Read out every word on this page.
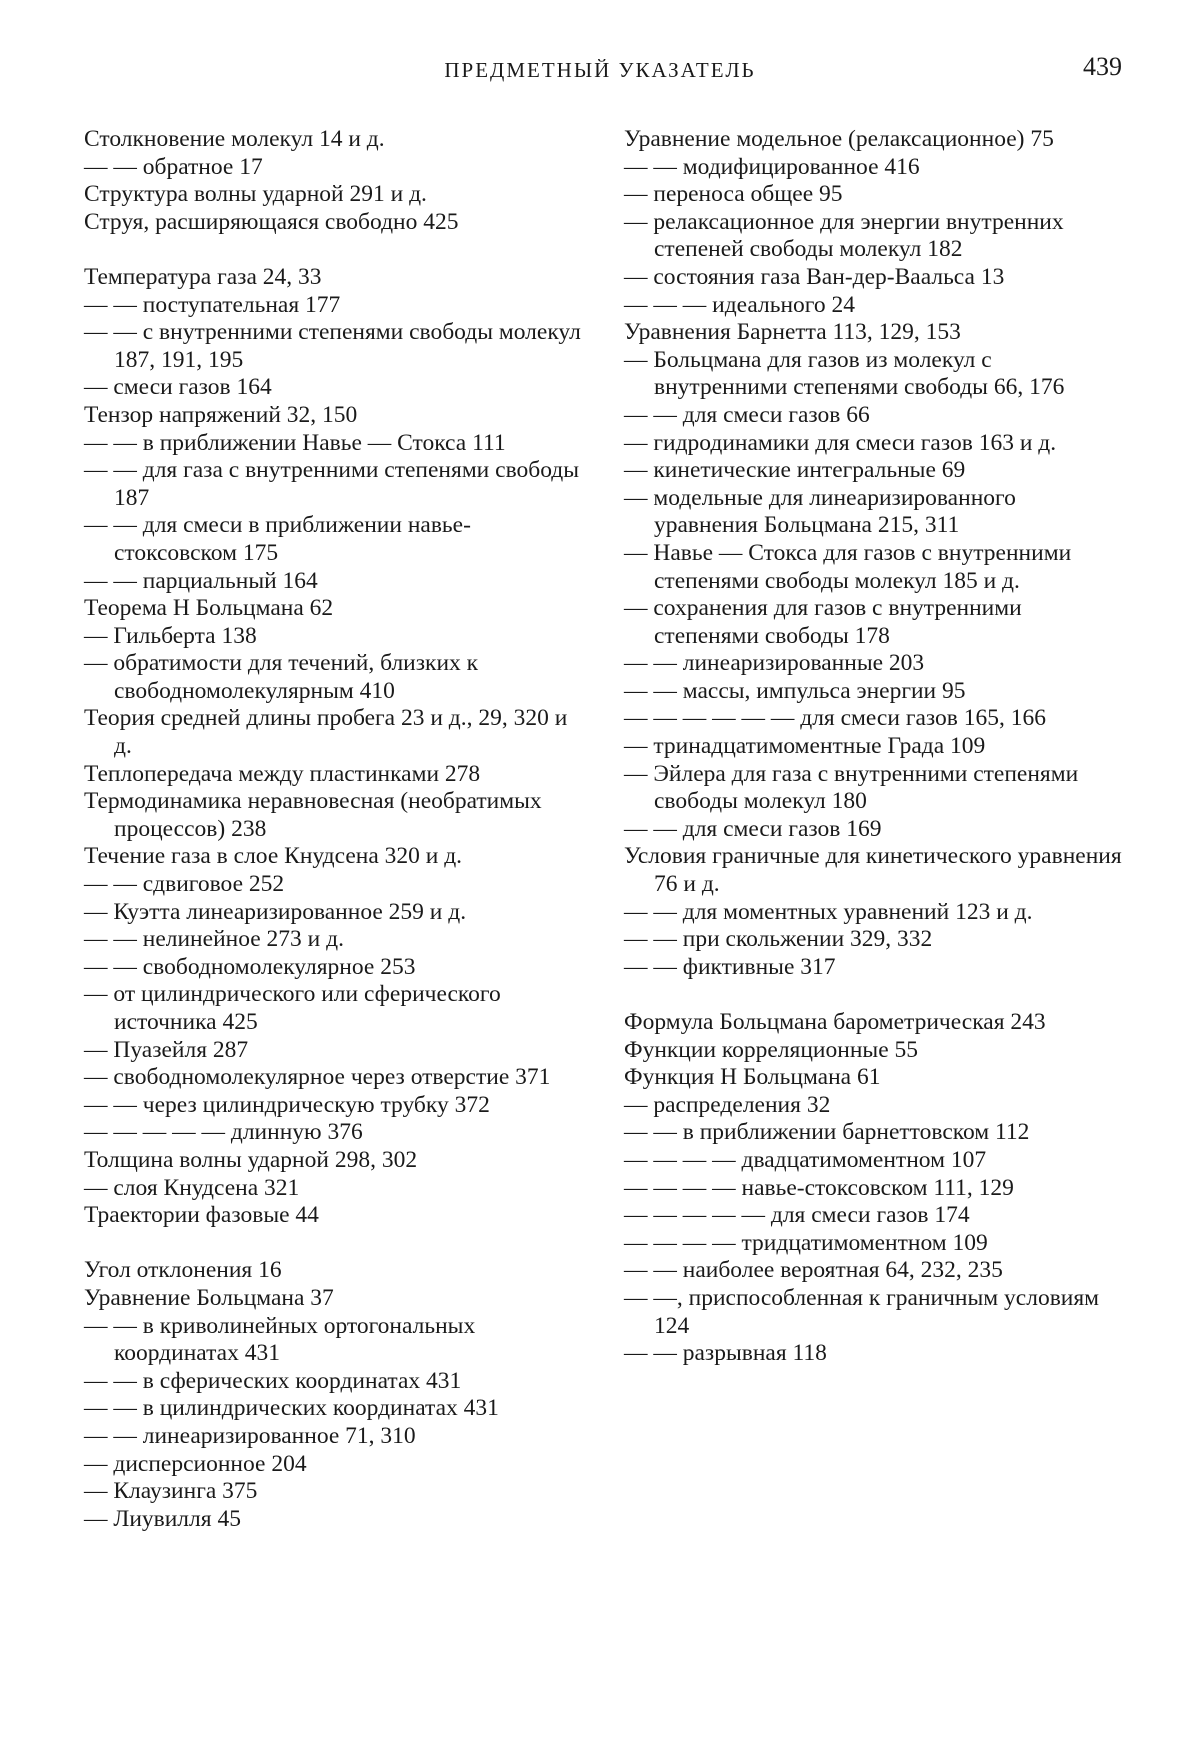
ПРЕДМЕТНЫЙ УКАЗАТЕЛЬ	439
Столкновение молекул 14 и д.
— — обратное 17
Структура волны ударной 291 и д.
Струя, расширяющаяся свободно 425
Температура газа 24, 33
— — поступательная 177
— — с внутренними степенями свободы молекул 187, 191, 195
— смеси газов 164
Тензор напряжений 32, 150
— — в приближении Навье — Стокса 111
— — для газа с внутренними степенями свободы 187
— — для смеси в приближении навье-стоксовском 175
— — парциальный 164
Теорема H Больцмана 62
— Гильберта 138
— обратимости для течений, близких к свободномолекулярным 410
Теория средней длины пробега 23 и д., 29, 320 и д.
Теплопередача между пластинками 278
Термодинамика неравновесная (необратимых процессов) 238
Течение газа в слое Кнудсена 320 и д.
— — сдвиговое 252
— Куэтта линеаризированное 259 и д.
— — нелинейное 273 и д.
— — свободномолекулярное 253
— от цилиндрического или сферического источника 425
— Пуазейля 287
— свободномолекулярное через отверстие 371
— — через цилиндрическую трубку 372
— — — — — длинную 376
Толщина волны ударной 298, 302
— слоя Кнудсена 321
Траектории фазовые 44
Угол отклонения 16
Уравнение Больцмана 37
— — в криволинейных ортогональных координатах 431
— — в сферических координатах 431
— — в цилиндрических координатах 431
— — линеаризированное 71, 310
— дисперсионное 204
— Клаузинга 375
— Лиувилля 45
Уравнение модельное (релаксационное) 75
— — модифицированное 416
— переноса общее 95
— релаксационное для энергии внутренних степеней свободы молекул 182
— состояния газа Ван-дер-Ваальса 13
— — — идеального 24
Уравнения Барнетта 113, 129, 153
— Больцмана для газов из молекул с внутренними степенями свободы 66, 176
— — для смеси газов 66
— гидродинамики для смеси газов 163 и д.
— кинетические интегральные 69
— модельные для линеаризированного уравнения Больцмана 215, 311
— Навье — Стокса для газов с внутренними степенями свободы молекул 185 и д.
— сохранения для газов с внутренними степенями свободы 178
— — линеаризированные 203
— — массы, импульса энергии 95
— — — — — — для смеси газов 165, 166
— тринадцатимоментные Града 109
— Эйлера для газа с внутренними степенями свободы молекул 180
— — для смеси газов 169
Условия граничные для кинетического уравнения 76 и д.
— — для моментных уравнений 123 и д.
— — при скольжении 329, 332
— — фиктивные 317
Формула Больцмана барометрическая 243
Функции корреляционные 55
Функция H Больцмана 61
— распределения 32
— — в приближении барнеттовском 112
— — — — двадцатимоментном 107
— — — — навье-стоксовском 111, 129
— — — — — для смеси газов 174
— — — — тридцатимоментном 109
— — наиболее вероятная 64, 232, 235
— —, приспособленная к граничным условиям 124
— — разрывная 118
